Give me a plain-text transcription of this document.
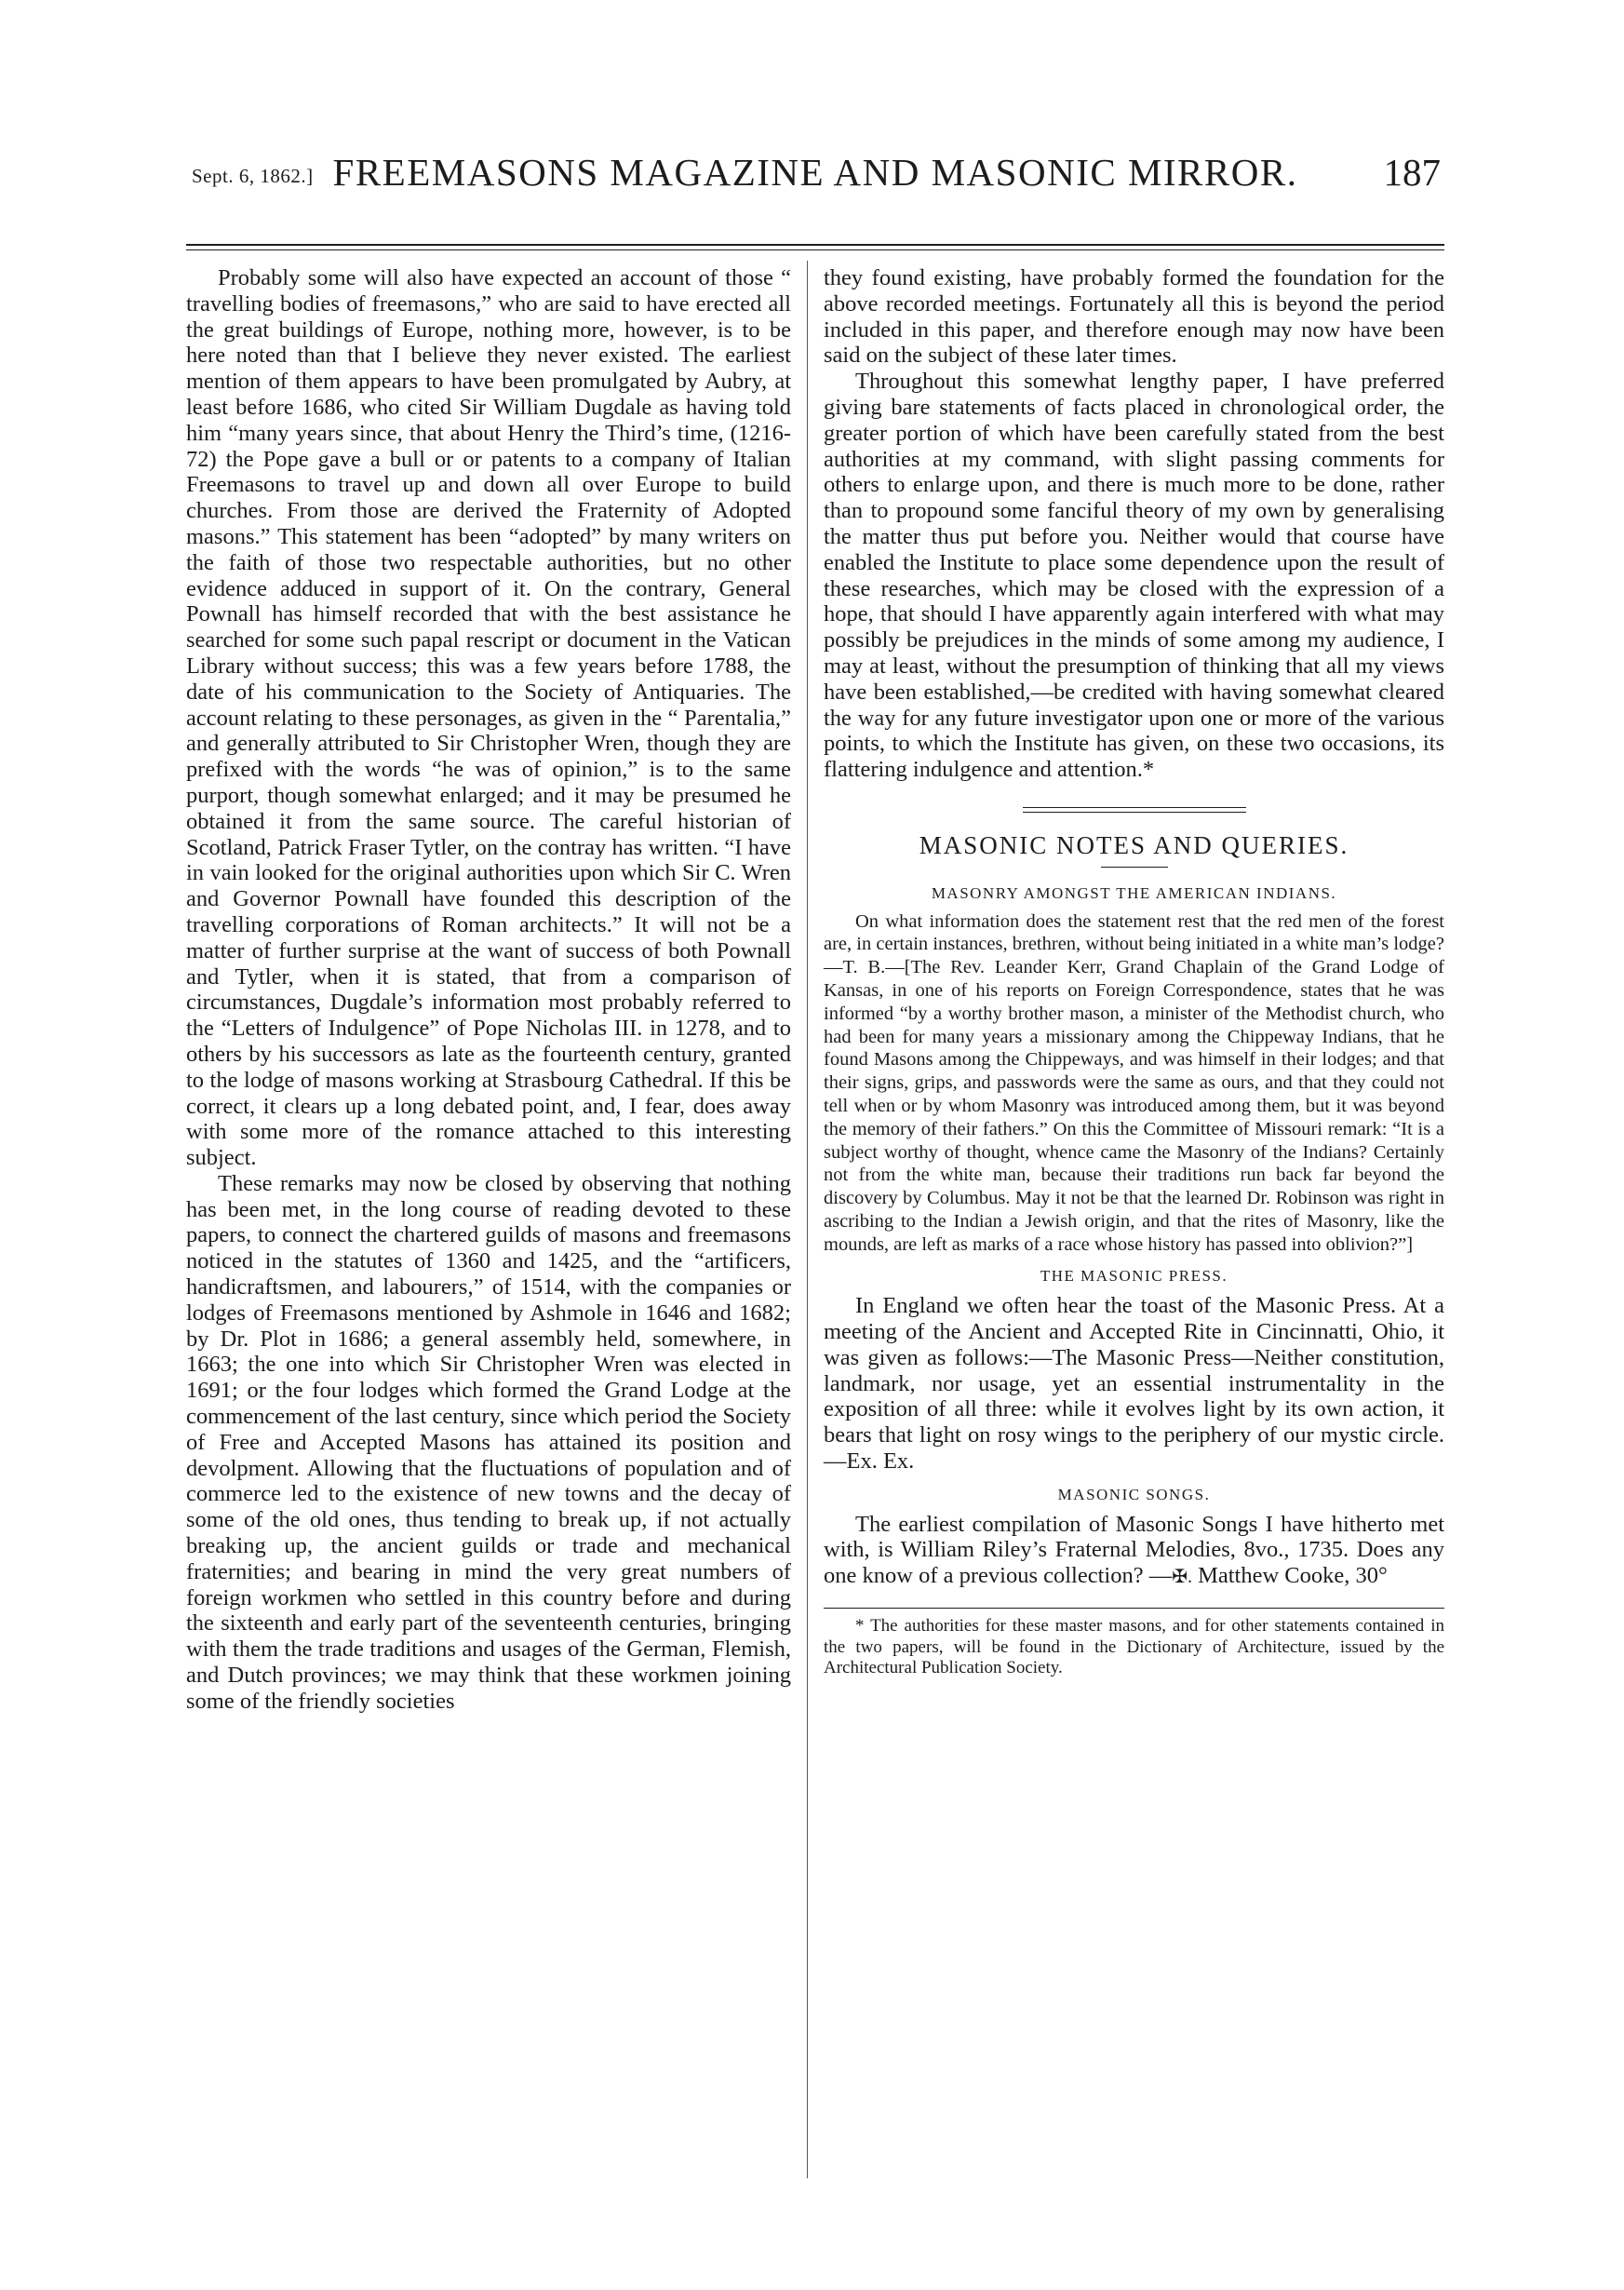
Sept. 6, 1862.] FREEMASONS MAGAZINE AND MASONIC MIRROR.	187

Probably some will also have expected an account of those “ travelling bodies of freemasons,” who are said to have erected all the great buildings of Europe, nothing more, however, is to be here noted than that I believe they never existed. The earliest mention of them appears to have been promulgated by Aubry, at least before 1686, who cited Sir William Dugdale as having told him “many years since, that about Henry the Third’s time, (1216-72) the Pope gave a bull or or patents to a company of Italian Freemasons to travel up and down all over Europe to build churches. From those are derived the Fraternity of Adopted masons.” This statement has been “adopted” by many writers on the faith of those two respectable authorities, but no other evidence adduced in support of it. On the contrary, General Pownall has himself recorded that with the best assistance he searched for some such papal rescript or document in the Vatican Library without success; this was a few years before 1788, the date of his communication to the Society of Antiquaries. The account relating to these personages, as given in the “ Parentalia,” and generally attributed to Sir Christopher Wren, though they are prefixed with the words “he was of opinion,” is to the same purport, though somewhat enlarged; and it may be presumed he obtained it from the same source. The careful historian of Scotland, Patrick Fraser Tytler, on the contray has written. “I have in vain looked for the original authorities upon which Sir C. Wren and Governor Pownall have founded this description of the travelling corporations of Roman architects.” It will not be a matter of further surprise at the want of success of both Pownall and Tytler, when it is stated, that from a comparison of circumstances, Dugdale’s information most probably referred to the “Letters of Indulgence” of Pope Nicholas III. in 1278, and to others by his successors as late as the fourteenth century, granted to the lodge of masons working at Strasbourg Cathedral. If this be correct, it clears up a long debated point, and, I fear, does away with some more of the romance attached to this interesting subject.

These remarks may now be closed by observing that nothing has been met, in the long course of reading devoted to these papers, to connect the chartered guilds of masons and freemasons noticed in the statutes of 1360 and 1425, and the “artificers, handicraftsmen, and labourers,” of 1514, with the companies or lodges of Freemasons mentioned by Ashmole in 1646 and 1682; by Dr. Plot in 1686; a general assembly held, somewhere, in 1663; the one into which Sir Christopher Wren was elected in 1691; or the four lodges which formed the Grand Lodge at the commencement of the last century, since which period the Society of Free and Accepted Masons has attained its position and devolpment. Allowing that the fluctuations of population and of commerce led to the existence of new towns and the decay of some of the old ones, thus tending to break up, if not actually breaking up, the ancient guilds or trade and mechanical fraternities; and bearing in mind the very great numbers of foreign workmen who settled in this country before and during the sixteenth and early part of the seventeenth centuries, bringing with them the trade traditions and usages of the German, Flemish, and Dutch provinces; we may think that these workmen joining some of the friendly societies

they found existing, have probably formed the foundation for the above recorded meetings. Fortunately all this is beyond the period included in this paper, and therefore enough may now have been said on the subject of these later times.

Throughout this somewhat lengthy paper, I have preferred giving bare statements of facts placed in chronological order, the greater portion of which have been carefully stated from the best authorities at my command, with slight passing comments for others to enlarge upon, and there is much more to be done, rather than to propound some fanciful theory of my own by generalising the matter thus put before you. Neither would that course have enabled the Institute to place some dependence upon the result of these researches, which may be closed with the expression of a hope, that should I have apparently again interfered with what may possibly be prejudices in the minds of some among my audience, I may at least, without the presumption of thinking that all my views have been established,—be credited with having somewhat cleared the way for any future investigator upon one or more of the various points, to which the Institute has given, on these two occasions, its flattering indulgence and attention.*

MASONIC NOTES AND QUERIES.
MASONRY AMONGST THE AMERICAN INDIANS.

On what information does the statement rest that the red men of the forest are, in certain instances, brethren, without being initiated in a white man’s lodge?—T. B.—[The Rev. Leander Kerr, Grand Chaplain of the Grand Lodge of Kansas, in one of his reports on Foreign Correspondence, states that he was informed “by a worthy brother mason, a minister of the Methodist church, who had been for many years a missionary among the Chippeway Indians, that he found Masons among the Chippeways, and was himself in their lodges; and that their signs, grips, and passwords were the same as ours, and that they could not tell when or by whom Masonry was introduced among them, but it was beyond the memory of their fathers.” On this the Committee of Missouri remark: “It is a subject worthy of thought, whence came the Masonry of the Indians? Certainly not from the white man, because their traditions run back far beyond the discovery by Columbus. May it not be that the learned Dr. Robinson was right in ascribing to the Indian a Jewish origin, and that the rites of Masonry, like the mounds, are left as marks of a race whose history has passed into oblivion?”]

THE MASONIC PRESS.

In England we often hear the toast of the Masonic Press. At a meeting of the Ancient and Accepted Rite in Cincinnatti, Ohio, it was given as follows:—The Masonic Press—Neither constitution, landmark, nor usage, yet an essential instrumentality in the exposition of all three: while it evolves light by its own action, it bears that light on rosy wings to the periphery of our mystic circle.—Ex. Ex.

MASONIC SONGS.

The earliest compilation of Masonic Songs I have hitherto met with, is William Riley’s Fraternal Melodies, 8vo., 1735. Does any one know of a previous collection? —✠. Matthew Cooke, 30°

* The authorities for these master masons, and for other statements contained in the two papers, will be found in the Dictionary of Architecture, issued by the Architectural Publication Society.
